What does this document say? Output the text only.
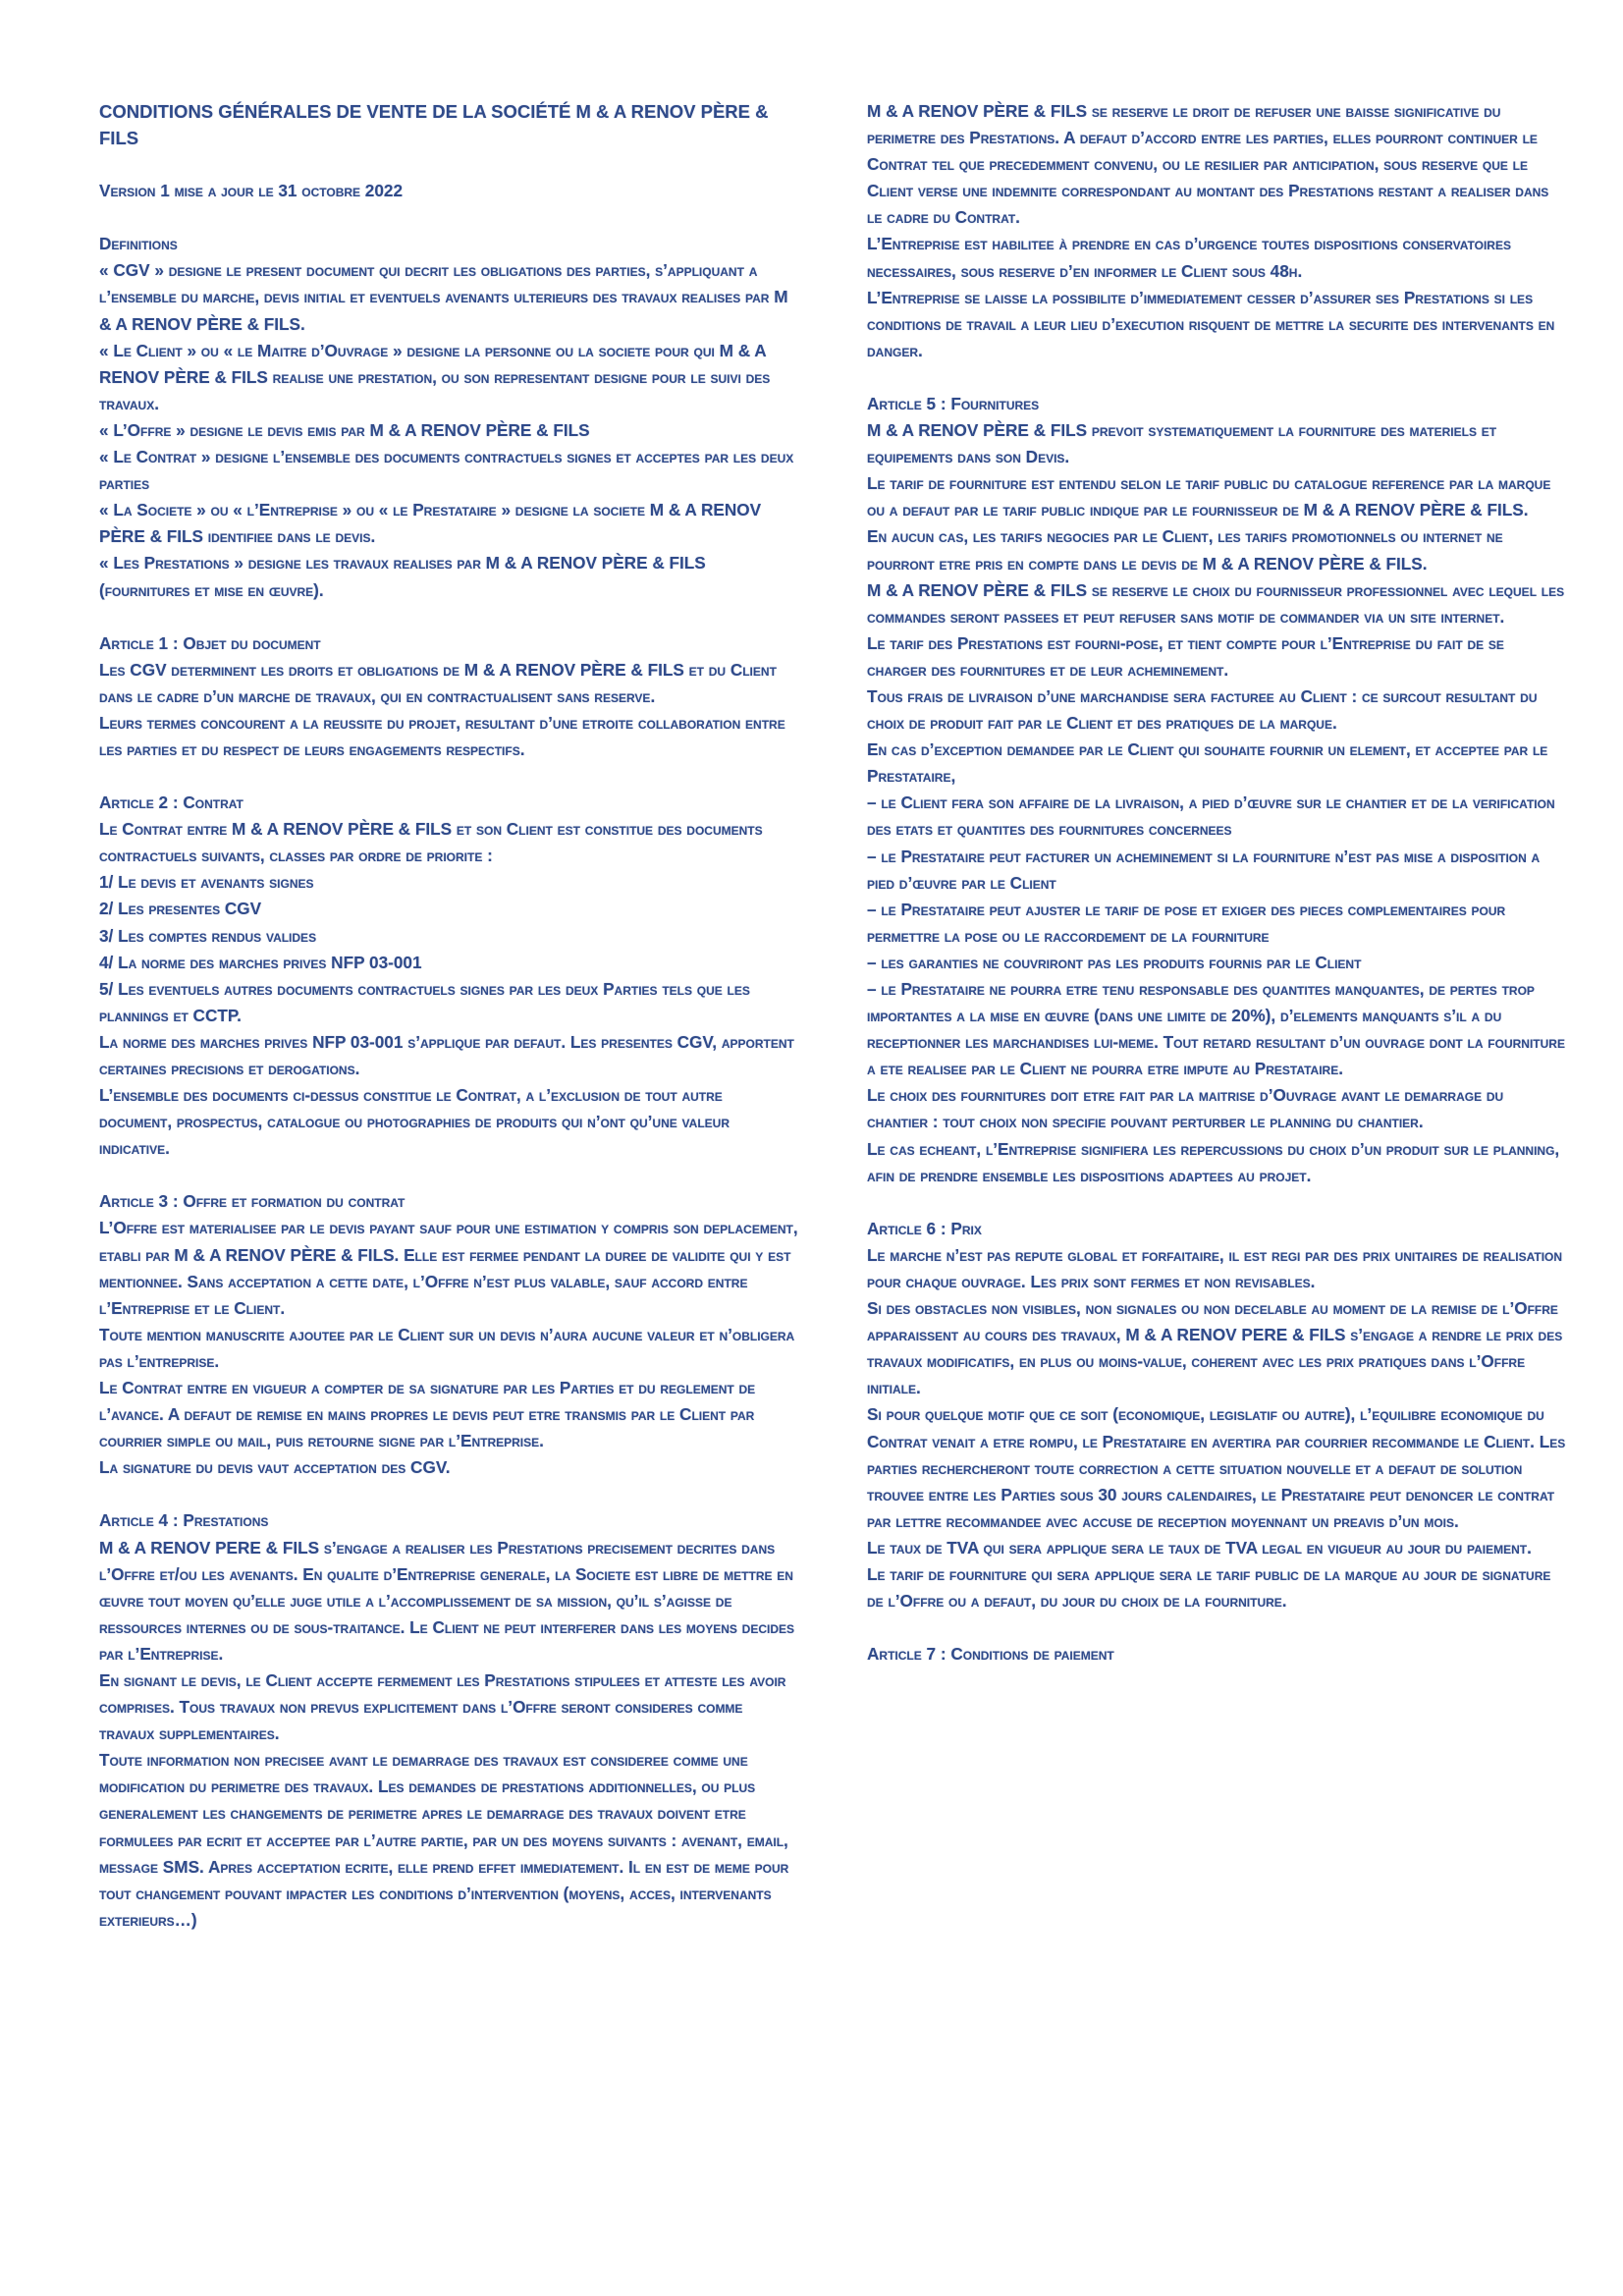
CONDITIONS GÉNÉRALES DE VENTE DE LA SOCIÉTÉ M & A RENOV PÈRE & FILS

Version 1 mise a jour le 31 octobre 2022

Definitions

« CGV » designe le present document qui decrit les obligations des parties, s’appliquant a l’ensemble du marche, devis initial et eventuels avenants ulterieurs des travaux realises par M & A RENOV PÈRE & FILS.

« Le Client » ou « le Maitre d’Ouvrage » designe la personne ou la societe pour qui M & A RENOV PÈRE & FILS realise une prestation, ou son representant designe pour le suivi des travaux.

« L’Offre » designe le devis emis par M & A RENOV PÈRE & FILS

« Le Contrat » designe l’ensemble des documents contractuels signes et acceptes par les deux parties

« La Societe » ou « l’Entreprise » ou « le Prestataire » designe la societe M & A RENOV PÈRE & FILS identifiee dans le devis.

« Les Prestations » designe les travaux realises par M & A RENOV PÈRE & FILS (fournitures et mise en œuvre).

Article 1 : Objet du document

Les CGV determinent les droits et obligations de M & A RENOV PÈRE & FILS et du Client dans le cadre d’un marche de travaux, qui en contractualisent sans reserve.

Leurs termes concourent a la reussite du projet, resultant d’une etroite collaboration entre les parties et du respect de leurs engagements respectifs.

Article 2 : Contrat

Le Contrat entre M & A RENOV PÈRE & FILS et son Client est constitue des documents contractuels suivants, classes par ordre de priorite :

1/ Le devis et avenants signes

2/ Les presentes CGV

3/ Les comptes rendus valides

4/ La norme des marches prives NFP 03-001

5/ Les eventuels autres documents contractuels signes par les deux Parties tels que les plannings et CCTP.

La norme des marches prives NFP 03-001 s’applique par defaut. Les presentes CGV, apportent certaines precisions et derogations.

L’ensemble des documents ci-dessus constitue le Contrat, a l’exclusion de tout autre document, prospectus, catalogue ou photographies de produits qui n’ont qu’une valeur indicative.

Article 3 : Offre et formation du contrat

L’Offre est materialisee par le devis payant sauf pour une estimation y compris son deplacement, etabli par M & A RENOV PÈRE & FILS. Elle est fermee pendant la duree de validite qui y est mentionnee. Sans acceptation a cette date, l’Offre n’est plus valable, sauf accord entre l’Entreprise et le Client.

Toute mention manuscrite ajoutee par le Client sur un devis n’aura aucune valeur et n’obligera pas l’entreprise.

Le Contrat entre en vigueur a compter de sa signature par les Parties et du reglement de l’avance. A defaut de remise en mains propres le devis peut etre transmis par le Client par courrier simple ou mail, puis retourne signe par l’Entreprise.

La signature du devis vaut acceptation des CGV.

Article 4 : Prestations

M & A RENOV PERE & FILS s’engage a realiser les Prestations precisement decrites dans l’Offre et/ou les avenants. En qualite d’Entreprise generale, la Societe est libre de mettre en œuvre tout moyen qu’elle juge utile a l’accomplissement de sa mission, qu’il s’agisse de ressources internes ou de sous-traitance. Le Client ne peut interferer dans les moyens decides par l’Entreprise.

En signant le devis, le Client accepte fermement les Prestations stipulees et atteste les avoir comprises. Tous travaux non prevus explicitement dans l’Offre seront consideres comme travaux supplementaires.

Toute information non precisee avant le demarrage des travaux est consideree comme une modification du perimetre des travaux. Les demandes de prestations additionnelles, ou plus generalement les changements de perimetre apres le demarrage des travaux doivent etre formulees par ecrit et acceptee par l’autre partie, par un des moyens suivants : avenant, email, message SMS. Apres acceptation ecrite, elle prend effet immediatement. Il en est de meme pour tout changement pouvant impacter les conditions d’intervention (moyens, acces, intervenants exterieurs…)

M & A RENOV PÈRE & FILS se reserve le droit de refuser une baisse significative du perimetre des Prestations. A defaut d’accord entre les parties, elles pourront continuer le Contrat tel que precedemment convenu, ou le resilier par anticipation, sous reserve que le Client verse une indemnite correspondant au montant des Prestations restant a realiser dans le cadre du Contrat.

L’Entreprise est habilitee à prendre en cas d’urgence toutes dispositions conservatoires necessaires, sous reserve d’en informer le Client sous 48h.

L’Entreprise se laisse la possibilite d’immediatement cesser d’assurer ses Prestations si les conditions de travail a leur lieu d’execution risquent de mettre la securite des intervenants en danger.

Article 5 : Fournitures

M & A RENOV PÈRE & FILS prevoit systematiquement la fourniture des materiels et equipements dans son Devis.

Le tarif de fourniture est entendu selon le tarif public du catalogue reference par la marque ou a defaut par le tarif public indique par le fournisseur de M & A RENOV PÈRE & FILS.

En aucun cas, les tarifs negocies par le Client, les tarifs promotionnels ou internet ne pourront etre pris en compte dans le devis de M & A RENOV PÈRE & FILS.

M & A RENOV PÈRE & FILS se reserve le choix du fournisseur professionnel avec lequel les commandes seront passees et peut refuser sans motif de commander via un site internet.

Le tarif des Prestations est fourni-pose, et tient compte pour l’Entreprise du fait de se charger des fournitures et de leur acheminement.

Tous frais de livraison d’une marchandise sera facturee au Client : ce surcout resultant du choix de produit fait par le Client et des pratiques de la marque.

En cas d’exception demandee par le Client qui souhaite fournir un element, et acceptee par le Prestataire,

– le Client fera son affaire de la livraison, a pied d’œuvre sur le chantier et de la verification des etats et quantites des fournitures concernees

– le Prestataire peut facturer un acheminement si la fourniture n’est pas mise a disposition a pied d’œuvre par le Client

– le Prestataire peut ajuster le tarif de pose et exiger des pieces complementaires pour permettre la pose ou le raccordement de la fourniture

– les garanties ne couvriront pas les produits fournis par le Client

– le Prestataire ne pourra etre tenu responsable des quantites manquantes, de pertes trop importantes a la mise en œuvre (dans une limite de 20%), d’elements manquants s’il a du receptionner les marchandises lui-meme. Tout retard resultant d’un ouvrage dont la fourniture a ete realisee par le Client ne pourra etre impute au Prestataire.

Le choix des fournitures doit etre fait par la maitrise d’Ouvrage avant le demarrage du chantier : tout choix non specifie pouvant perturber le planning du chantier.

Le cas echeant, l’Entreprise signifiera les repercussions du choix d’un produit sur le planning, afin de prendre ensemble les dispositions adaptees au projet.

Article 6 : Prix

Le marche n’est pas repute global et forfaitaire, il est regi par des prix unitaires de realisation pour chaque ouvrage. Les prix sont fermes et non revisables.

Si des obstacles non visibles, non signales ou non decelable au moment de la remise de l’Offre apparaissent au cours des travaux, M & A RENOV PERE & FILS s’engage a rendre le prix des travaux modificatifs, en plus ou moins-value, coherent avec les prix pratiques dans l’Offre initiale.

Si pour quelque motif que ce soit (economique, legislatif ou autre), l’equilibre economique du Contrat venait a etre rompu, le Prestataire en avertira par courrier recommande le Client. Les parties rechercheront toute correction a cette situation nouvelle et a defaut de solution trouvee entre les Parties sous 30 jours calendaires, le Prestataire peut denoncer le contrat par lettre recommandee avec accuse de reception moyennant un preavis d’un mois.

Le taux de TVA qui sera applique sera le taux de TVA legal en vigueur au jour du paiement.

Le tarif de fourniture qui sera applique sera le tarif public de la marque au jour de signature de l’Offre ou a defaut, du jour du choix de la fourniture.

Article 7 : Conditions de paiement
